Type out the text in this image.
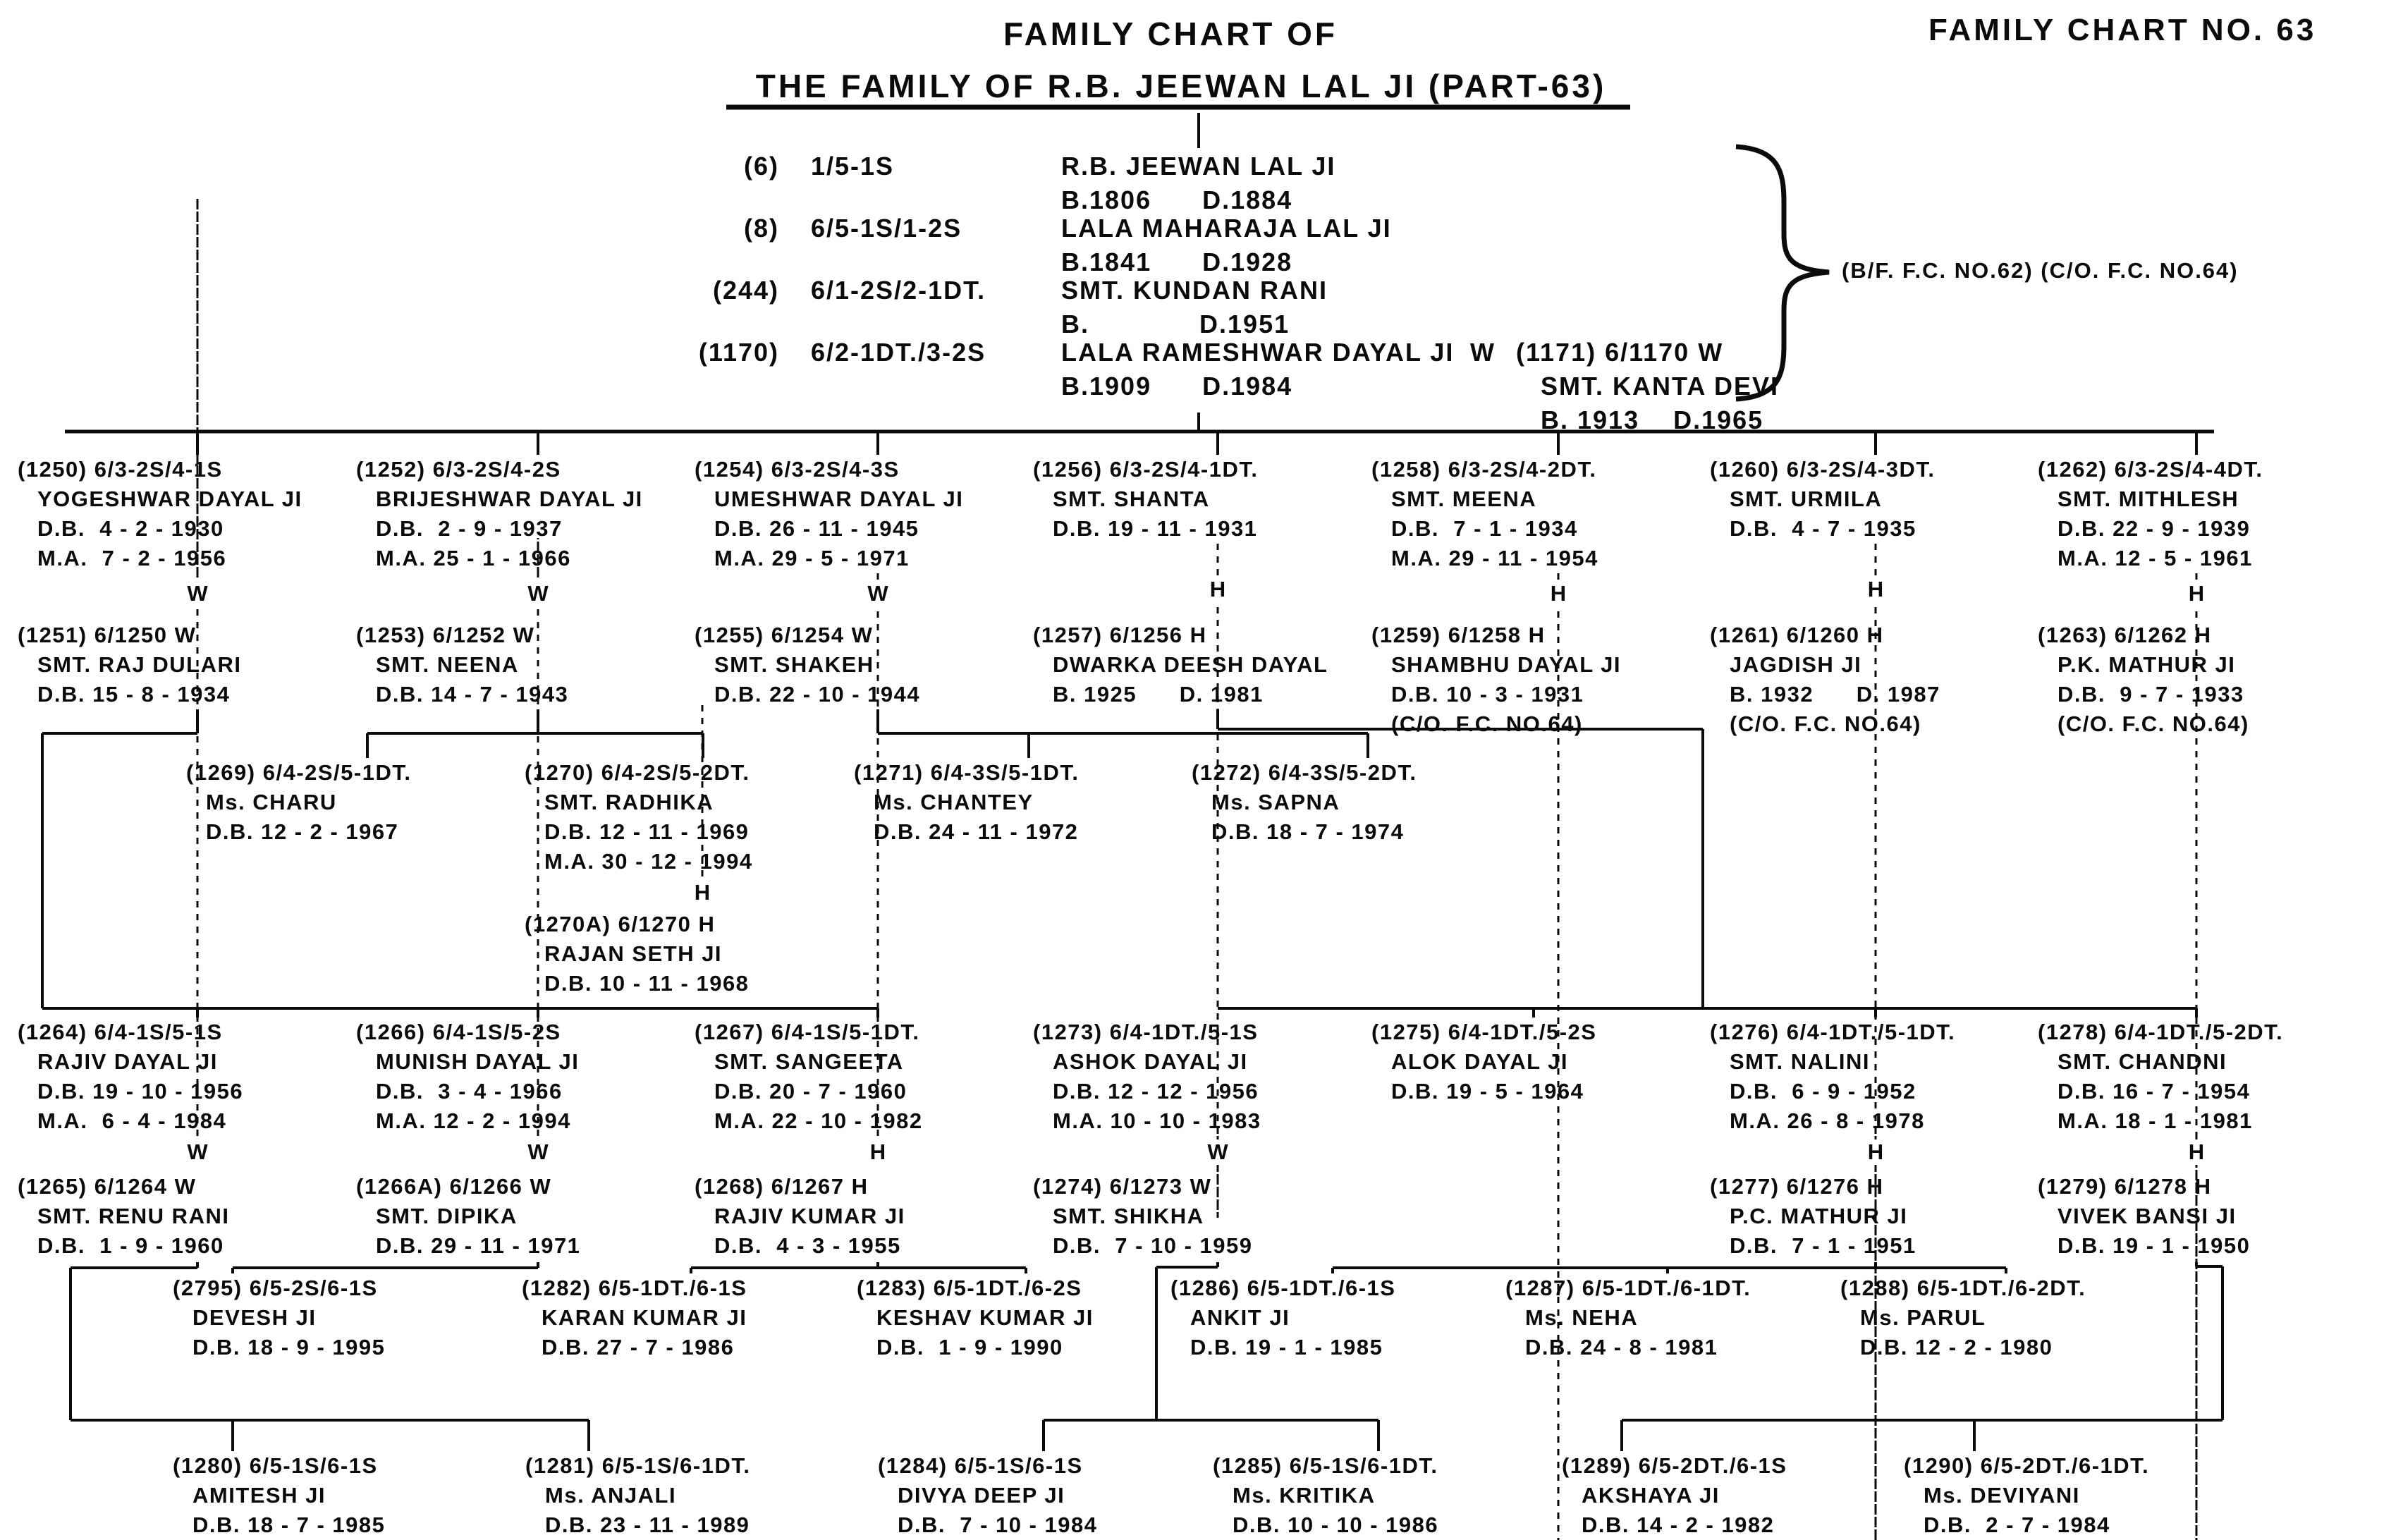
FAMILY CHART OF
THE FAMILY OF R.B. JEEWAN LAL JI (PART-63)
FAMILY CHART NO. 63
(B/F. F.C. NO.62) (C/O. F.C. NO.64)
(6) 1/5-1S	R.B. JEEWAN LAL JI
B.1806      D.1884
(8) 6/5-1S/1-2S	LALA MAHARAJA LAL JI
B.1841      D.1928
(244) 6/1-2S/2-1DT.	SMT. KUNDAN RANI
B.             D.1951
(1170) 6/2-1DT./3-2S	LALA RAMESHWAR DAYAL JI
B.1909      D.1984
W (1171) 6/1170 W
SMT. KANTA DEVI
B. 1913    D.1965
(1250) 6/3-2S/4-1S
YOGESHWAR DAYAL JI
D.B.  4 - 2 - 1930
M.A.  7 - 2 - 1956
(1252) 6/3-2S/4-2S
BRIJESHWAR DAYAL JI
D.B.  2 - 9 - 1937
M.A. 25 - 1 - 1966
(1254) 6/3-2S/4-3S
UMESHWAR DAYAL JI
D.B. 26 - 11 - 1945
M.A. 29 - 5 - 1971
(1256) 6/3-2S/4-1DT.
SMT. SHANTA
D.B. 19 - 11 - 1931
(1258) 6/3-2S/4-2DT.
SMT. MEENA
D.B.  7 - 1 - 1934
M.A. 29 - 11 - 1954
(1260) 6/3-2S/4-3DT.
SMT. URMILA
D.B.  4 - 7 - 1935
(1262) 6/3-2S/4-4DT.
SMT. MITHLESH
D.B. 22 - 9 - 1939
M.A. 12 - 5 - 1961
(1251) 6/1250 W
SMT. RAJ DULARI
D.B. 15 - 8 - 1934
(1253) 6/1252 W
SMT. NEENA
D.B. 14 - 7 - 1943
(1255) 6/1254 W
SMT. SHAKEH
D.B. 22 - 10 - 1944
(1257) 6/1256 H
DWARKA DEESH DAYAL
B. 1925      D. 1981
(1259) 6/1258 H
SHAMBHU DAYAL JI
D.B. 10 - 3 - 1931
(C/O. F.C. NO.64)
(1261) 6/1260 H
JAGDISH JI
B. 1932      D. 1987
(C/O. F.C. NO.64)
(1263) 6/1262 H
P.K. MATHUR JI
D.B.  9 - 7 - 1933
(C/O. F.C. NO.64)
(1269) 6/4-2S/5-1DT.
Ms. CHARU
D.B. 12 - 2 - 1967
(1270) 6/4-2S/5-2DT.
SMT. RADHIKA
D.B. 12 - 11 - 1969
M.A. 30 - 12 - 1994
(1271) 6/4-3S/5-1DT.
Ms. CHANTEY
D.B. 24 - 11 - 1972
(1272) 6/4-3S/5-2DT.
Ms. SAPNA
D.B. 18 - 7 - 1974
(1270A) 6/1270 H
RAJAN SETH JI
D.B. 10 - 11 - 1968
(1264) 6/4-1S/5-1S
RAJIV DAYAL JI
D.B. 19 - 10 - 1956
M.A.  6 - 4 - 1984
(1266) 6/4-1S/5-2S
MUNISH DAYAL JI
D.B.  3 - 4 - 1966
M.A. 12 - 2 - 1994
(1267) 6/4-1S/5-1DT.
SMT. SANGEETA
D.B. 20 - 7 - 1960
M.A. 22 - 10 - 1982
(1273) 6/4-1DT./5-1S
ASHOK DAYAL JI
D.B. 12 - 12 - 1956
M.A. 10 - 10 - 1983
(1275) 6/4-1DT./5-2S
ALOK DAYAL JI
D.B. 19 - 5 - 1964
(1276) 6/4-1DT./5-1DT.
SMT. NALINI
D.B.  6 - 9 - 1952
M.A. 26 - 8 - 1978
(1278) 6/4-1DT./5-2DT.
SMT. CHANDNI
D.B. 16 - 7 - 1954
M.A. 18 - 1 - 1981
(1265) 6/1264 W
SMT. RENU RANI
D.B.  1 - 9 - 1960
(1266A) 6/1266 W
SMT. DIPIKA
D.B. 29 - 11 - 1971
(1268) 6/1267 H
RAJIV KUMAR JI
D.B.  4 - 3 - 1955
(1274) 6/1273 W
SMT. SHIKHA
D.B.  7 - 10 - 1959
(1277) 6/1276 H
P.C. MATHUR JI
D.B.  7 - 1 - 1951
(1279) 6/1278 H
VIVEK BANSI JI
D.B. 19 - 1 - 1950
(2795) 6/5-2S/6-1S
DEVESH JI
D.B. 18 - 9 - 1995
(1282) 6/5-1DT./6-1S
KARAN KUMAR JI
D.B. 27 - 7 - 1986
(1283) 6/5-1DT./6-2S
KESHAV KUMAR JI
D.B.  1 - 9 - 1990
(1286) 6/5-1DT./6-1S
ANKIT JI
D.B. 19 - 1 - 1985
(1287) 6/5-1DT./6-1DT.
Ms. NEHA
D.B. 24 - 8 - 1981
(1288) 6/5-1DT./6-2DT.
Ms. PARUL
D.B. 12 - 2 - 1980
(1280) 6/5-1S/6-1S
AMITESH JI
D.B. 18 - 7 - 1985
(1281) 6/5-1S/6-1DT.
Ms. ANJALI
D.B. 23 - 11 - 1989
(1284) 6/5-1S/6-1S
DIVYA DEEP JI
D.B.  7 - 10 - 1984
(1285) 6/5-1S/6-1DT.
Ms. KRITIKA
D.B. 10 - 10 - 1986
(1289) 6/5-2DT./6-1S
AKSHAYA JI
D.B. 14 - 2 - 1982
(1290) 6/5-2DT./6-1DT.
Ms. DEVIYANI
D.B.  2 - 7 - 1984
W	W	W	H	H	H	H
H
W	W	H	W	H	H
